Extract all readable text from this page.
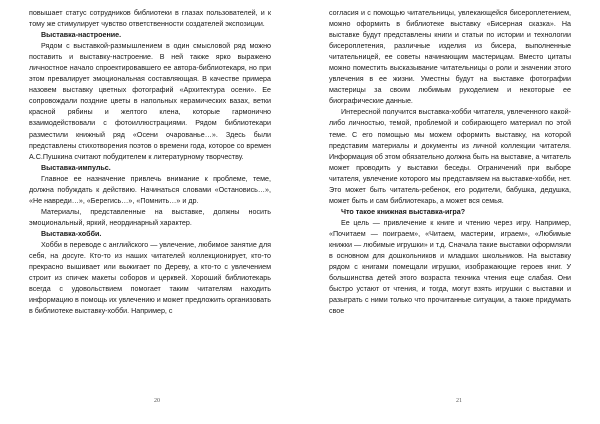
повышает статус сотрудников библиотеки в глазах пользователей, и к тому же стимулирует чувство ответственности создателей экспозиции.

Выставка-настроение.

Рядом с выставкой-размышлением в один смысловой ряд можно поставить и выставку-настроение. В ней также ярко выражено личностное начало спроектировавшего ее автора-библиотекаря, но при этом превалирует эмоциональная составляющая. В качестве примера назовем выставку цветных фотографий «Архитектура осени». Ее сопровождали поздние цветы в напольных керамических вазах, ветки красной рябины и желтого клена, которые гармонично взаимодействовали с фотоиллюстрациями. Рядом библиотекари разместили книжный ряд «Осени очарованье…». Здесь были представлены стихотворения поэтов о времени года, которое со времен А.С.Пушкина считают побудителем к литературному творчеству.

Выставка-импульс.

Главное ее назначение привлечь внимание к проблеме, теме, должна побуждать к действию. Начинаться словами «Остановись…», «Не навреди…», «Берегись…», «Помнить…» и др.

Материалы, представленные на выставке, должны носить эмоциональный, яркий, неординарный характер.

Выставка-хобби.

Хобби в переводе с английского — увлечение, любимое занятие для себя, на досуге. Кто-то из наших читателей коллекционирует, кто-то прекрасно вышивает или выжигает по Дереву, а кто-то с увлечением строит из спичек макеты соборов и церквей. Хороший библиотекарь всегда с удовольствием помогает таким читателям находить информацию в помощь их увлечению и может предложить организовать в библиотеке выставку-хобби. Например, с

20

согласия и с помощью читательницы, увлекающейся бисероплетением, можно оформить в библиотеке выставку «Бисерная сказка». На выставке будут представлены книги и статьи по истории и технологии бисероплетения, различные изделия из бисера, выполненные читательницей, ее советы начинающим мастерицам. Вместо цитаты можно поместить высказывание читательницы о роли и значении этого увлечения в ее жизни. Уместны будут на выставке фотографии мастерицы за своим любимым рукоделием и некоторые ее биографические данные.

Интересной получится выставка-хобби читателя, увлеченного какой-либо личностью, темой, проблемой и собирающего материал по этой теме. С его помощью мы можем оформить выставку, на которой представим материалы и документы из личной коллекции читателя. Информация об этом обязательно должна быть на выставке, а читатель может проводить у выставки беседы. Ограничений при выборе читателя, увлечение которого мы представляем на выставке-хобби, нет. Это может быть читатель-ребенок, его родители, бабушка, дедушка, может быть и сам библиотекарь, а может вся семья.

Что такое книжная выставка-игра?

Ее цель — привлечение к книге и чтению через игру. Например, «Почитаем — поиграем», «Читаем, мастерим, играем», «Любимые книжки — любимые игрушки» и т.д. Сначала такие выставки оформляли в основном для дошкольников и младших школьников. На выставку рядом с книгами помещали игрушки, изображающие героев книг. У большинства детей этого возраста техника чтения еще слабая. Они быстро устают от чтения, и тогда, могут взять игрушки с выставки и разыграть с ними только что прочитанные ситуации, а также придумать свое

21
